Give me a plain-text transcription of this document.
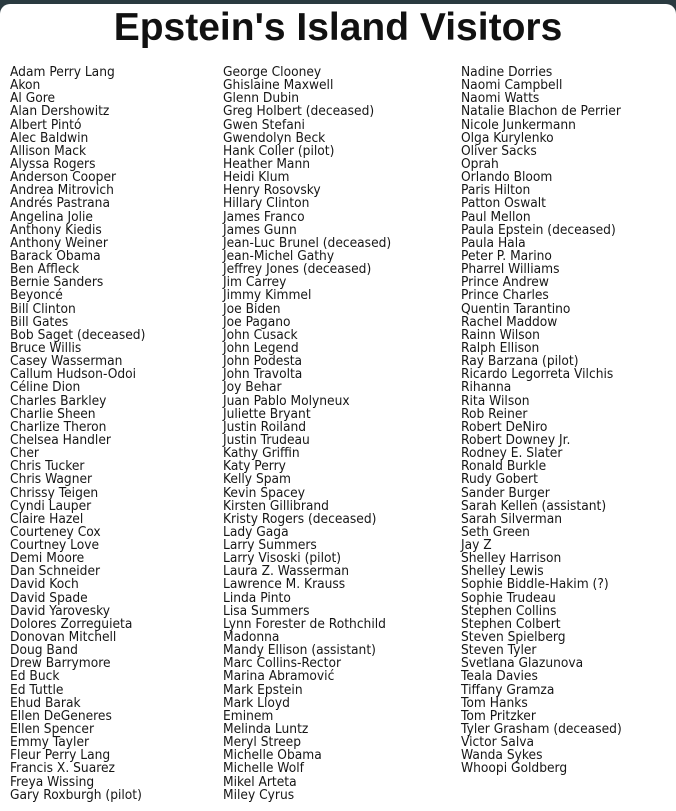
Epstein's Island Visitors
Adam Perry Lang
Akon
Al Gore
Alan Dershowitz
Albert Pintó
Alec Baldwin
Allison Mack
Alyssa Rogers
Anderson Cooper
Andrea Mitrovich
Andrés Pastrana
Angelina Jolie
Anthony Kiedis
Anthony Weiner
Barack Obama
Ben Affleck
Bernie Sanders
Beyoncé
Bill Clinton
Bill Gates
Bob Saget (deceased)
Bruce Willis
Casey Wasserman
Callum Hudson-Odoi
Céline Dion
Charles Barkley
Charlie Sheen
Charlize Theron
Chelsea Handler
Cher
Chris Tucker
Chris Wagner
Chrissy Teigen
Cyndi Lauper
Claire Hazel
Courteney Cox
Courtney Love
Demi Moore
Dan Schneider
David Koch
David Spade
David Yarovesky
Dolores Zorreguieta
Donovan Mitchell
Doug Band
Drew Barrymore
Ed Buck
Ed Tuttle
Ehud Barak
Ellen DeGeneres
Ellen Spencer
Emmy Tayler
Fleur Perry Lang
Francis X. Suarez
Freya Wissing
Gary Roxburgh (pilot)
George Clooney
Ghislaine Maxwell
Glenn Dubin
Greg Holbert (deceased)
Gwen Stefani
Gwendolyn Beck
Hank Coller (pilot)
Heather Mann
Heidi Klum
Henry Rosovsky
Hillary Clinton
James Franco
James Gunn
Jean-Luc Brunel (deceased)
Jean-Michel Gathy
Jeffrey Jones (deceased)
Jim Carrey
Jimmy Kimmel
Joe Biden
Joe Pagano
John Cusack
John Legend
John Podesta
John Travolta
Joy Behar
Juan Pablo Molyneux
Juliette Bryant
Justin Roiland
Justin Trudeau
Kathy Griffin
Katy Perry
Kelly Spam
Kevin Spacey
Kirsten Gillibrand
Kristy Rogers (deceased)
Lady Gaga
Larry Summers
Larry Visoski (pilot)
Laura Z. Wasserman
Lawrence M. Krauss
Linda Pinto
Lisa Summers
Lynn Forester de Rothchild
Madonna
Mandy Ellison (assistant)
Marc Collins-Rector
Marina Abramović
Mark Epstein
Mark Lloyd
Eminem
Melinda Luntz
Meryl Streep
Michelle Obama
Michelle Wolf
Mikel Arteta
Miley Cyrus
Nadine Dorries
Naomi Campbell
Naomi Watts
Natalie Blachon de Perrier
Nicole Junkermann
Olga Kurylenko
Oliver Sacks
Oprah
Orlando Bloom
Paris Hilton
Patton Oswalt
Paul Mellon
Paula Epstein (deceased)
Paula Hala
Peter P. Marino
Pharrel Williams
Prince Andrew
Prince Charles
Quentin Tarantino
Rachel Maddow
Rainn Wilson
Ralph Ellison
Ray Barzana (pilot)
Ricardo Legorreta Vilchis
Rihanna
Rita Wilson
Rob Reiner
Robert DeNiro
Robert Downey Jr.
Rodney E. Slater
Ronald Burkle
Rudy Gobert
Sander Burger
Sarah Kellen (assistant)
Sarah Silverman
Seth Green
Jay Z
Shelley Harrison
Shelley Lewis
Sophie Biddle-Hakim (?)
Sophie Trudeau
Stephen Collins
Stephen Colbert
Steven Spielberg
Steven Tyler
Svetlana Glazunova
Teala Davies
Tiffany Gramza
Tom Hanks
Tom Pritzker
Tyler Grasham (deceased)
Victor Salva
Wanda Sykes
Whoopi Goldberg
